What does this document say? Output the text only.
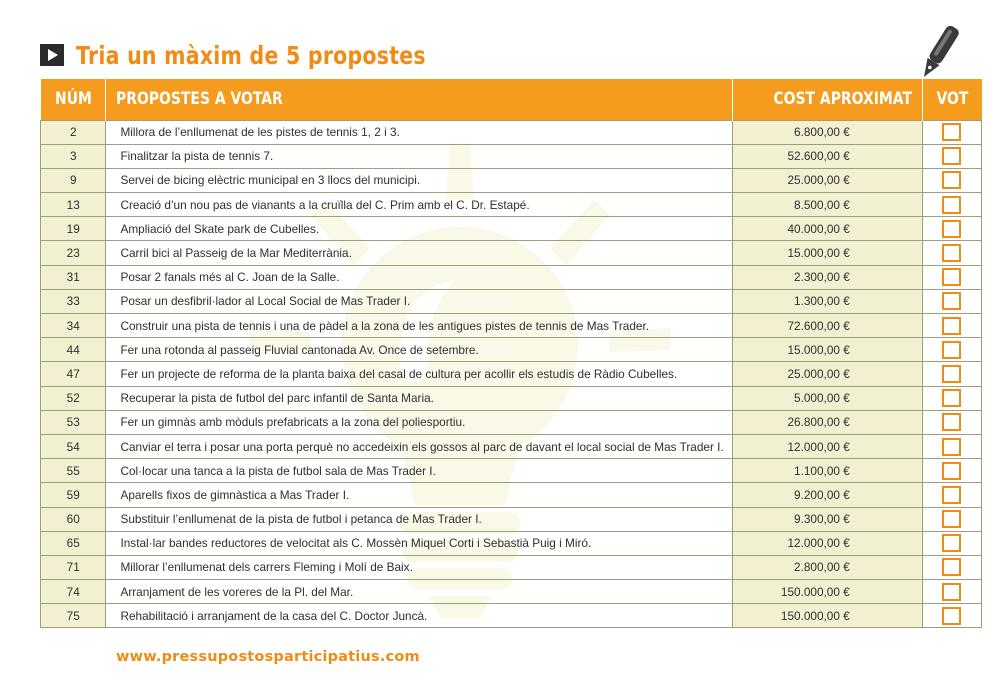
Tria un màxim de 5 propostes
NÚM	PROPOSTES A VOTAR	COST APROXIMAT	VOT
2	Millora de l’enllumenat de les pistes de tennis 1, 2 i 3.	6.800,00 €	
3	Finalitzar la pista de tennis 7.	52.600,00 €	
9	Servei de bicing elèctric municipal en 3 llocs del municipi.	25.000,00 €	
13	Creació d’un nou pas de vianants a la cruïlla del C. Prim amb el C. Dr. Estapé.	8.500,00 €	
19	Ampliació del Skate park de Cubelles.	40.000,00 €	
23	Carril bici al Passeig de la Mar Mediterrània.	15.000,00 €	
31	Posar 2 fanals més al C. Joan de la Salle.	2.300,00 €	
33	Posar un desfibril·lador al Local Social de Mas Trader I.	1.300,00 €	
34	Construir una pista de tennis i una de pàdel a la zona de les antigues pistes de tennis de Mas Trader.	72.600,00 €	
44	Fer una rotonda al passeig Fluvial cantonada Av. Once de setembre.	15.000,00 €	
47	Fer un projecte de reforma de la planta baixa del casal de cultura per acollir els estudis de Ràdio Cubelles.	25.000,00 €	
52	Recuperar la pista de futbol del parc infantil de Santa Maria.	5.000,00 €	
53	Fer un gimnàs amb mòduls prefabricats a la zona del poliesportiu.	26.800,00 €	
54	Canviar el terra i posar una porta perquè no accedeixin els gossos al parc de davant el local social de Mas Trader I.	12.000,00 €	
55	Col·locar una tanca a la pista de futbol sala de Mas Trader I.	1.100,00 €	
59	Aparells fixos de gimnàstica a Mas Trader I.	9.200,00 €	
60	Substituir l’enllumenat de la pista de futbol i petanca de Mas Trader I.	9.300,00 €	
65	Instal·lar bandes reductores de velocitat als C. Mossèn Miquel Corti i Sebastià Puig i Miró.	12.000,00 €	
71	Millorar l’enllumenat dels carrers Fleming i Molí de Baix.	2.800,00 €	
74	Arranjament de les voreres de la Pl. del Mar.	150.000,00 €	
75	Rehabilitació i arranjament de la casa del C. Doctor Juncà.	150.000,00 €	
www.pressupostosparticipatius.com
